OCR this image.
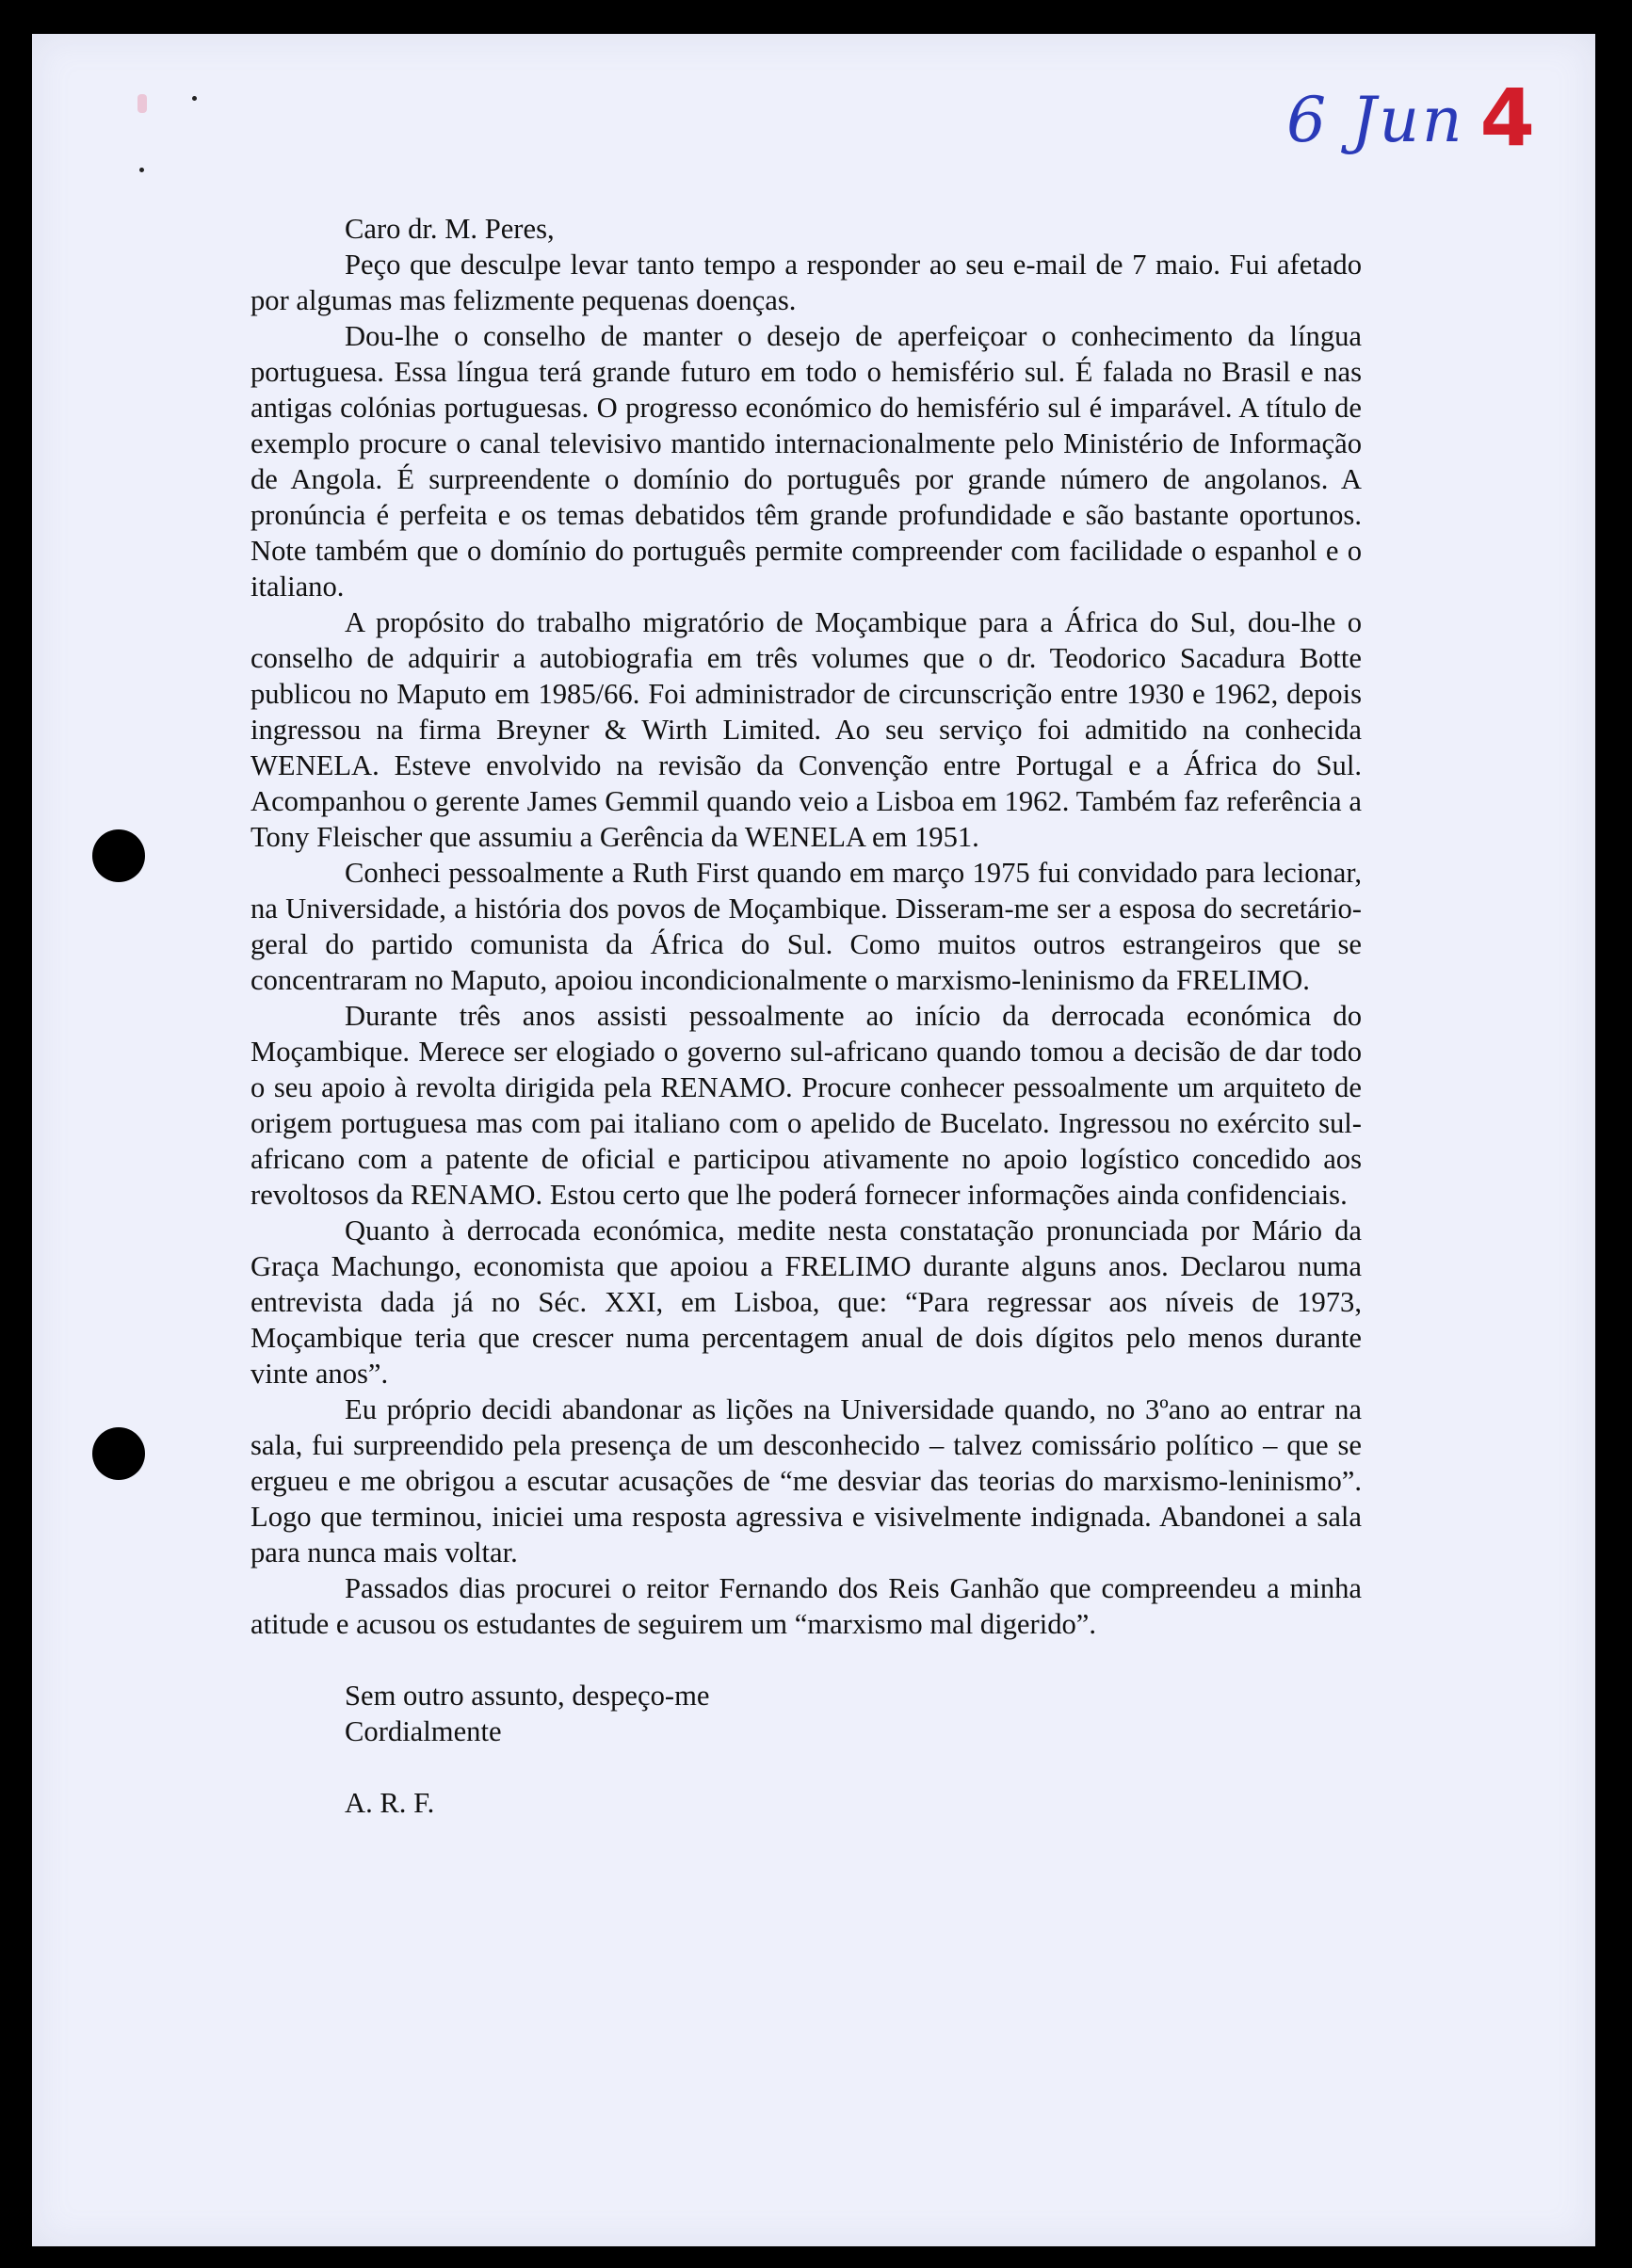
6 Jun 4

Caro dr. M. Peres,

Peço que desculpe levar tanto tempo a responder ao seu e-mail de 7 maio. Fui afetado por algumas mas felizmente pequenas doenças.

Dou-lhe o conselho de manter o desejo de aperfeiçoar o conhecimento da língua portuguesa. Essa língua terá grande futuro em todo o hemisfério sul. É falada no Brasil e nas antigas colónias portuguesas. O progresso económico do hemisfério sul é imparável. A título de exemplo procure o canal televisivo mantido internacionalmente pelo Ministério de Informação de Angola. É surpreendente o domínio do português por grande número de angolanos. A pronúncia é perfeita e os temas debatidos têm grande profundidade e são bastante oportunos. Note também que o domínio do português permite compreender com facilidade o espanhol e o italiano.

A propósito do trabalho migratório de Moçambique para a África do Sul, dou-lhe o conselho de adquirir a autobiografia em três volumes que o dr. Teodorico Sacadura Botte publicou no Maputo em 1985/66. Foi administrador de circunscrição entre 1930 e 1962, depois ingressou na firma Breyner & Wirth Limited. Ao seu serviço foi admitido na conhecida WENELA. Esteve envolvido na revisão da Convenção entre Portugal e a África do Sul. Acompanhou o gerente James Gemmil quando veio a Lisboa em 1962. Também faz referência a Tony Fleischer que assumiu a Gerência da WENELA em 1951.

Conheci pessoalmente a Ruth First quando em março 1975 fui convidado para lecionar, na Universidade, a história dos povos de Moçambique. Disseram-me ser a esposa do secretário-geral do partido comunista da África do Sul. Como muitos outros estrangeiros que se concentraram no Maputo, apoiou incondicionalmente o marxismo-leninismo da FRELIMO.

Durante três anos assisti pessoalmente ao início da derrocada económica do Moçambique. Merece ser elogiado o governo sul-africano quando tomou a decisão de dar todo o seu apoio à revolta dirigida pela RENAMO. Procure conhecer pessoalmente um arquiteto de origem portuguesa mas com pai italiano com o apelido de Bucelato. Ingressou no exército sul-africano com a patente de oficial e participou ativamente no apoio logístico concedido aos revoltosos da RENAMO. Estou certo que lhe poderá fornecer informações ainda confidenciais.

Quanto à derrocada económica, medite nesta constatação pronunciada por Mário da Graça Machungo, economista que apoiou a FRELIMO durante alguns anos. Declarou numa entrevista dada já no Séc. XXI, em Lisboa, que: “Para regressar aos níveis de 1973, Moçambique teria que crescer numa percentagem anual de dois dígitos pelo menos durante vinte anos”.

Eu próprio decidi abandonar as lições na Universidade quando, no 3ºano ao entrar na sala, fui surpreendido pela presença de um desconhecido – talvez comissário político – que se ergueu e me obrigou a escutar acusações de “me desviar das teorias do marxismo-leninismo”. Logo que terminou, iniciei uma resposta agressiva e visivelmente indignada. Abandonei a sala para nunca mais voltar.

Passados dias procurei o reitor Fernando dos Reis Ganhão que compreendeu a minha atitude e acusou os estudantes de seguirem um “marxismo mal digerido”.

Sem outro assunto, despeço-me

Cordialmente

A. R. F.
